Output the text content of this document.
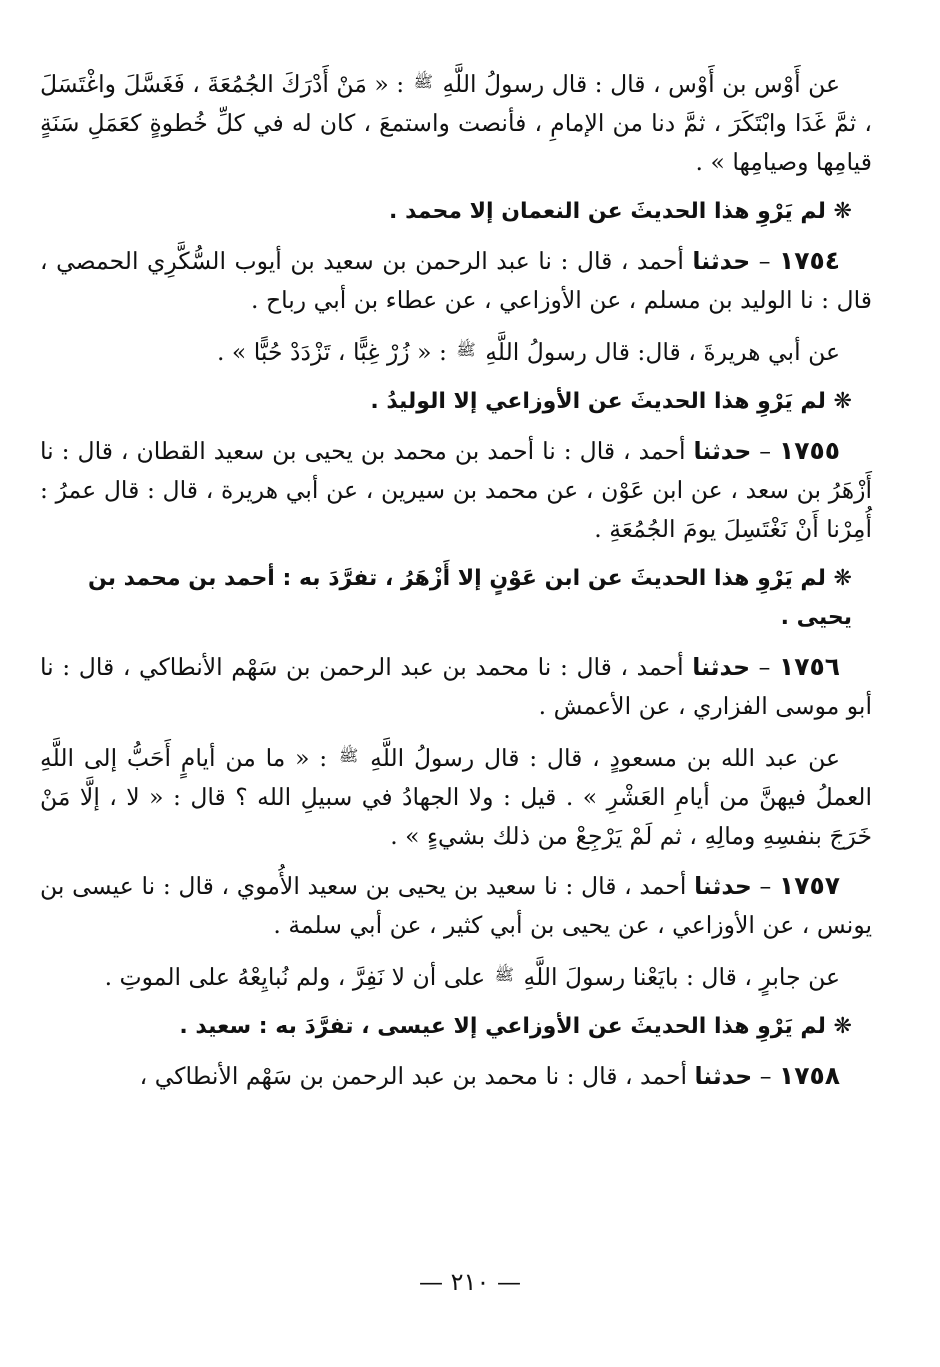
عن أَوْس بن أَوْس ، قال : قال رسولُ اللَّهِ $^ﷺ$ : « مَنْ أَدْرَكَ الجُمُعَةَ ، فَغَسَّلَ واغْتَسَلَ ، ثمَّ غَدَا وابْتَكَرَ ، ثمَّ دنا من الإمامِ ، فأنصت واستمعَ ، كان له في كلِّ خُطوةٍ كعَمَلِ سَنَةٍ قيامِها وصيامِها » .

❋ لم يَرْوِ هذا الحديثَ عن النعمان إلا محمد .

١٧٥٤ – حدثنا أحمد ، قال : نا عبد الرحمن بن سعيد بن أيوب السُّكَّرِي الحمصي ، قال : نا الوليد بن مسلم ، عن الأوزاعي ، عن عطاء بن أبي رباح .

عن أبي هريرةَ ، قال: قال رسولُ اللَّهِ $^ﷺ$ : « زُرْ غِبًّا ، تَزْدَدْ حُبًّا » .

❋ لم يَرْوِ هذا الحديثَ عن الأوزاعي إلا الوليدُ .

١٧٥٥ – حدثنا أحمد ، قال : نا أحمد بن محمد بن يحيى بن سعيد القطان ، قال : نا أَزْهَرُ بن سعد ، عن ابن عَوْن ، عن محمد بن سيرين ، عن أبي هريرة ، قال : قال عمرُ : أُمِرْنا أَنْ نَغْتَسِلَ يومَ الجُمُعَةِ .

❋ لم يَرْوِ هذا الحديثَ عن ابن عَوْنٍ إلا أَزْهَرُ ، تفرَّدَ به : أحمد بن محمد بن يحيى .

١٧٥٦ – حدثنا أحمد ، قال : نا محمد بن عبد الرحمن بن سَهْم الأنطاكي ، قال : نا أبو موسى الفزاري ، عن الأعمش .

عن عبد الله بن مسعودٍ ، قال : قال رسولُ اللَّهِ $^ﷺ$ : « ما من أيامٍ أَحَبُّ إلى اللَّهِ العملُ فيهنَّ من أيامِ العَشْرِ » . قيل : ولا الجهادُ في سبيلِ الله ؟ قال : « لا ، إلَّا مَنْ خَرَجَ بنفسِهِ ومالِهِ ، ثم لَمْ يَرْجِعْ من ذلك بشيءٍ » .

١٧٥٧ – حدثنا أحمد ، قال : نا سعيد بن يحيى بن سعيد الأُموي ، قال : نا عيسى بن يونس ، عن الأوزاعي ، عن يحيى بن أبي كثير ، عن أبي سلمة .

عن جابرٍ ، قال : بايَعْنا رسولَ اللَّهِ $^ﷺ$ على أن لا نَفِرَّ ، ولم نُبايِعْهُ على الموتِ .

❋ لم يَرْوِ هذا الحديثَ عن الأوزاعي إلا عيسى ، تفرَّدَ به : سعيد .

١٧٥٨ – حدثنا أحمد ، قال : نا محمد بن عبد الرحمن بن سَهْم الأنطاكي ،

— ٢١٠ —
